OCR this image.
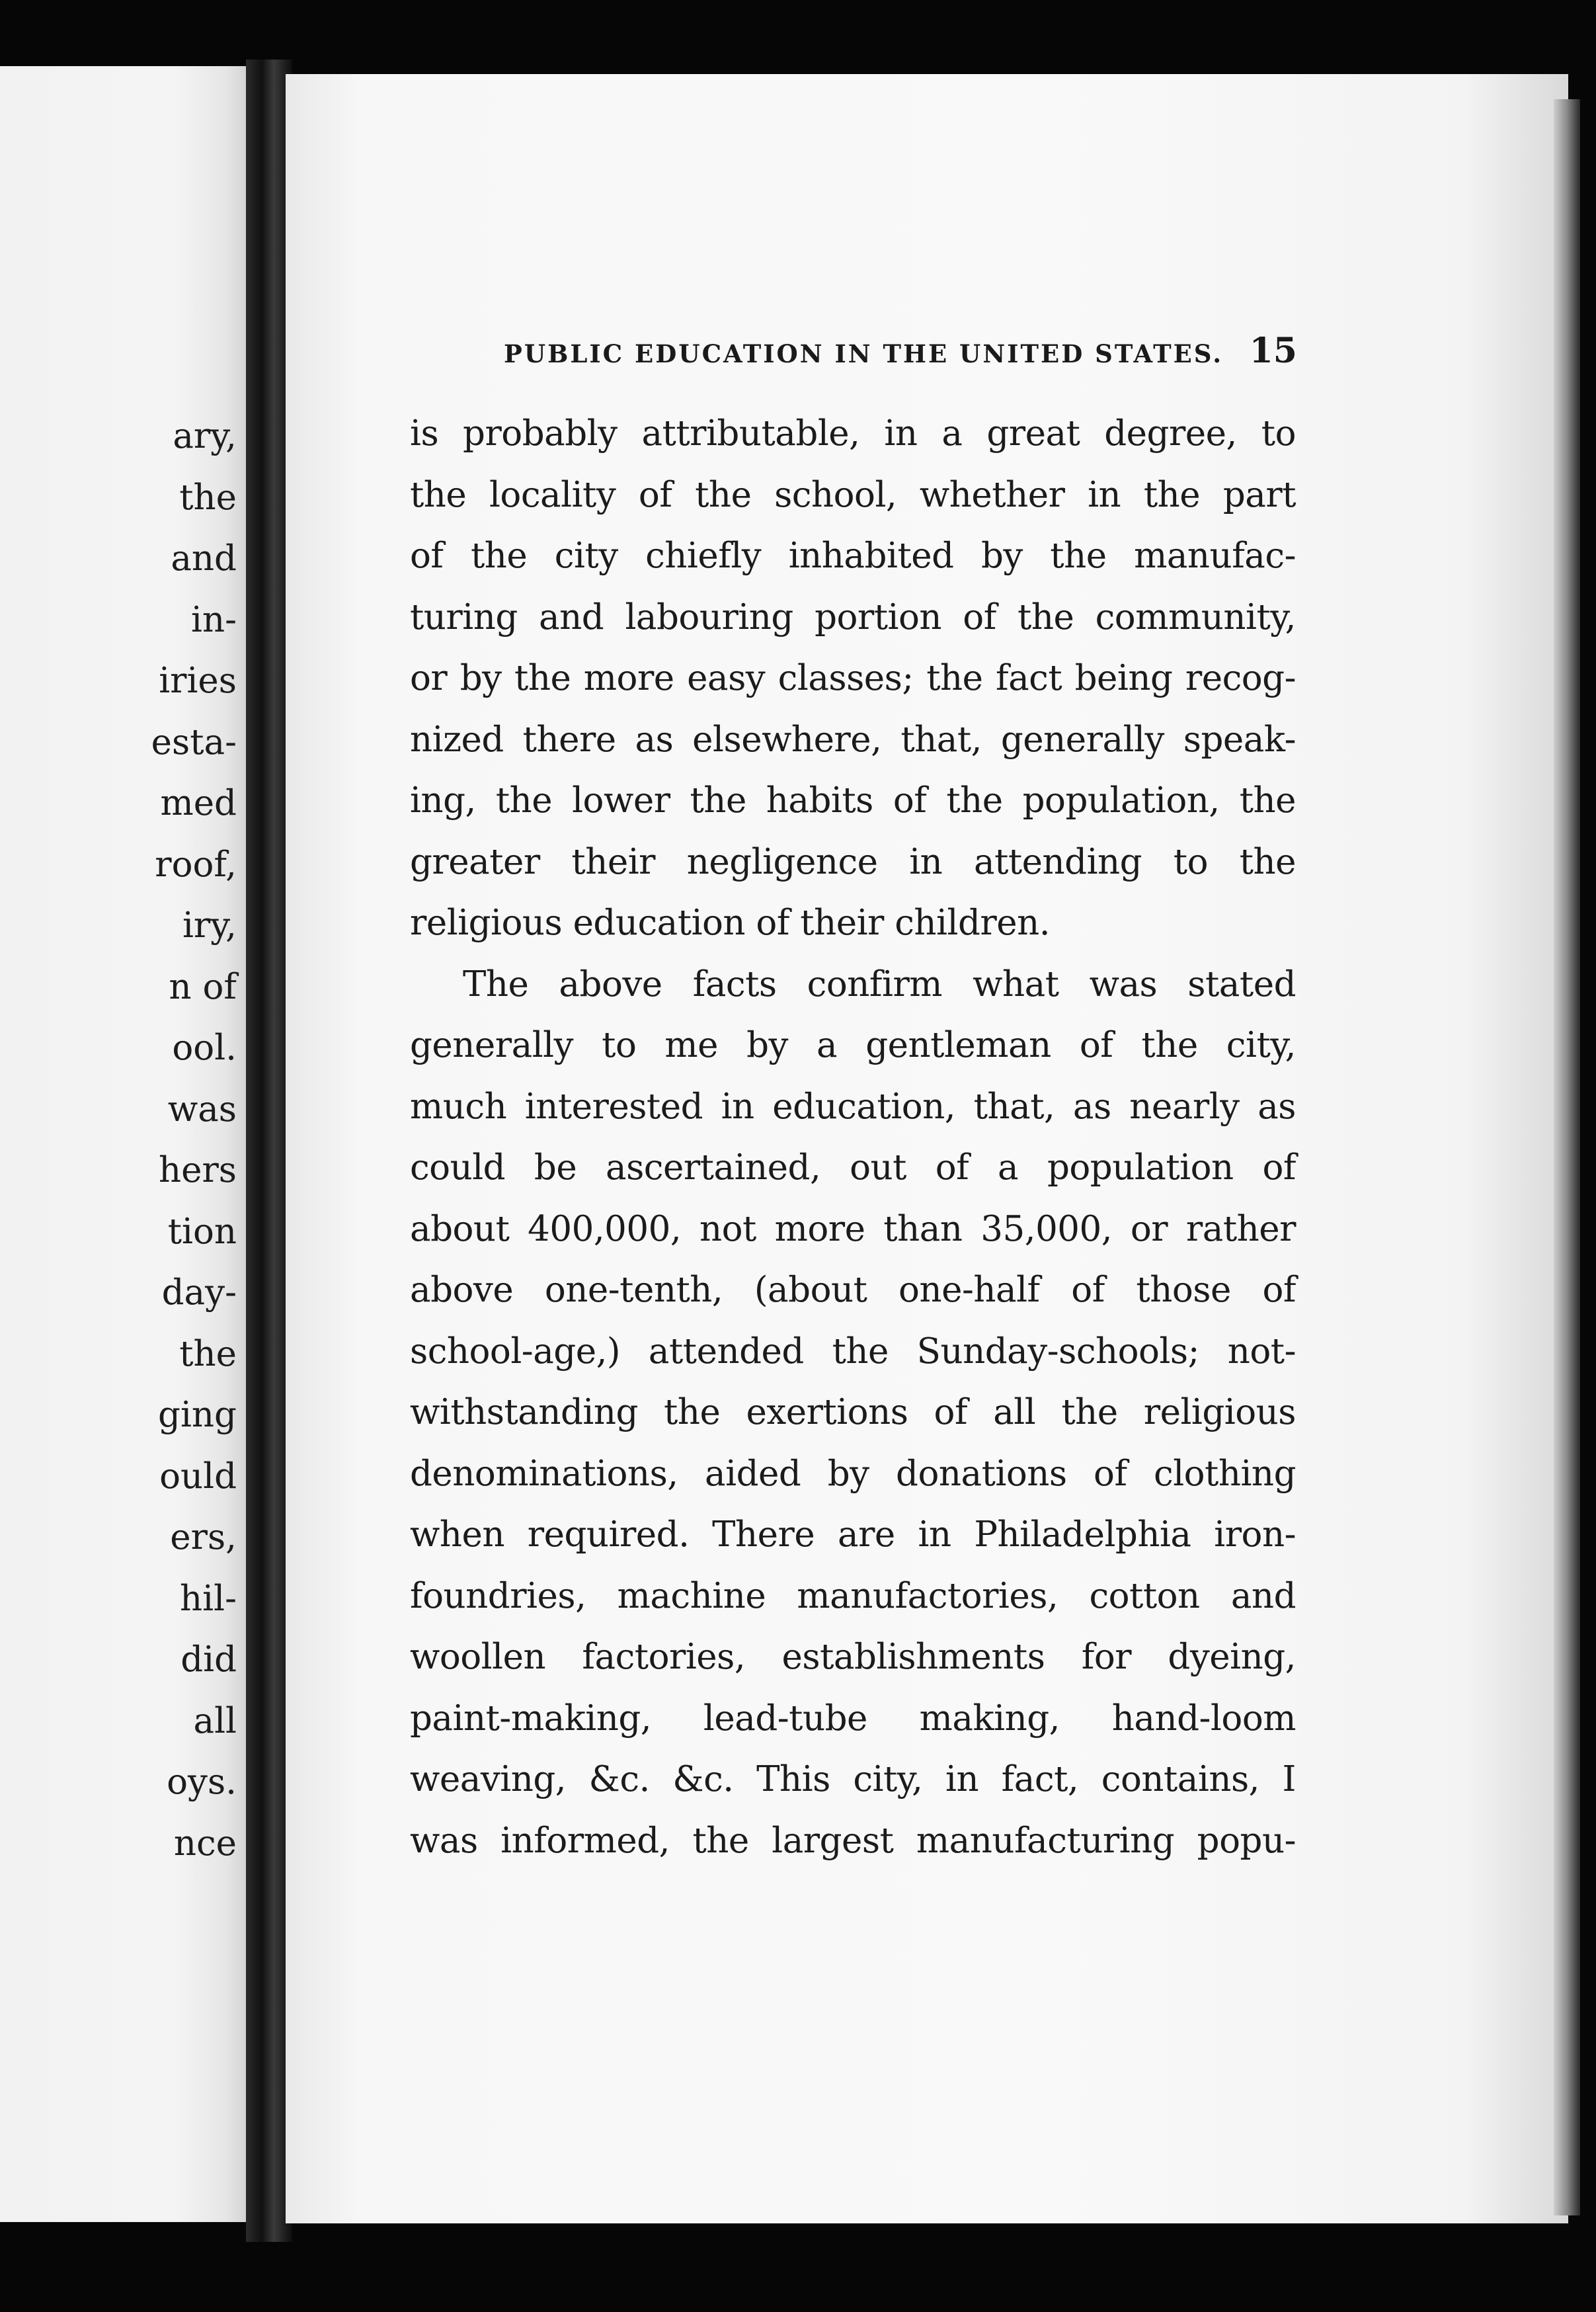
ary,
the
and
in-
iries
esta-
med
roof,
iry,
n of
ool.
was
hers
tion
day-
the
ging
ould
ers,
hil-
did
all
oys.
nce
PUBLIC EDUCATION IN THE UNITED STATES. 15
is probably attributable, in a great degree, to
the locality of the school, whether in the part
of the city chiefly inhabited by the manufac-
turing and labouring portion of the community,
or by the more easy classes; the fact being recog-
nized there as elsewhere, that, generally speak-
ing, the lower the habits of the population, the
greater their negligence in attending to the
religious education of their children.
The above facts confirm what was stated
generally to me by a gentleman of the city,
much interested in education, that, as nearly as
could be ascertained, out of a population of
about 400,000, not more than 35,000, or rather
above one-tenth, (about one-half of those of
school-age,) attended the Sunday-schools; not-
withstanding the exertions of all the religious
denominations, aided by donations of clothing
when required. There are in Philadelphia iron-
foundries, machine manufactories, cotton and
woollen factories, establishments for dyeing,
paint-making, lead-tube making, hand-loom
weaving, &c. &c. This city, in fact, contains, I
was informed, the largest manufacturing popu-
